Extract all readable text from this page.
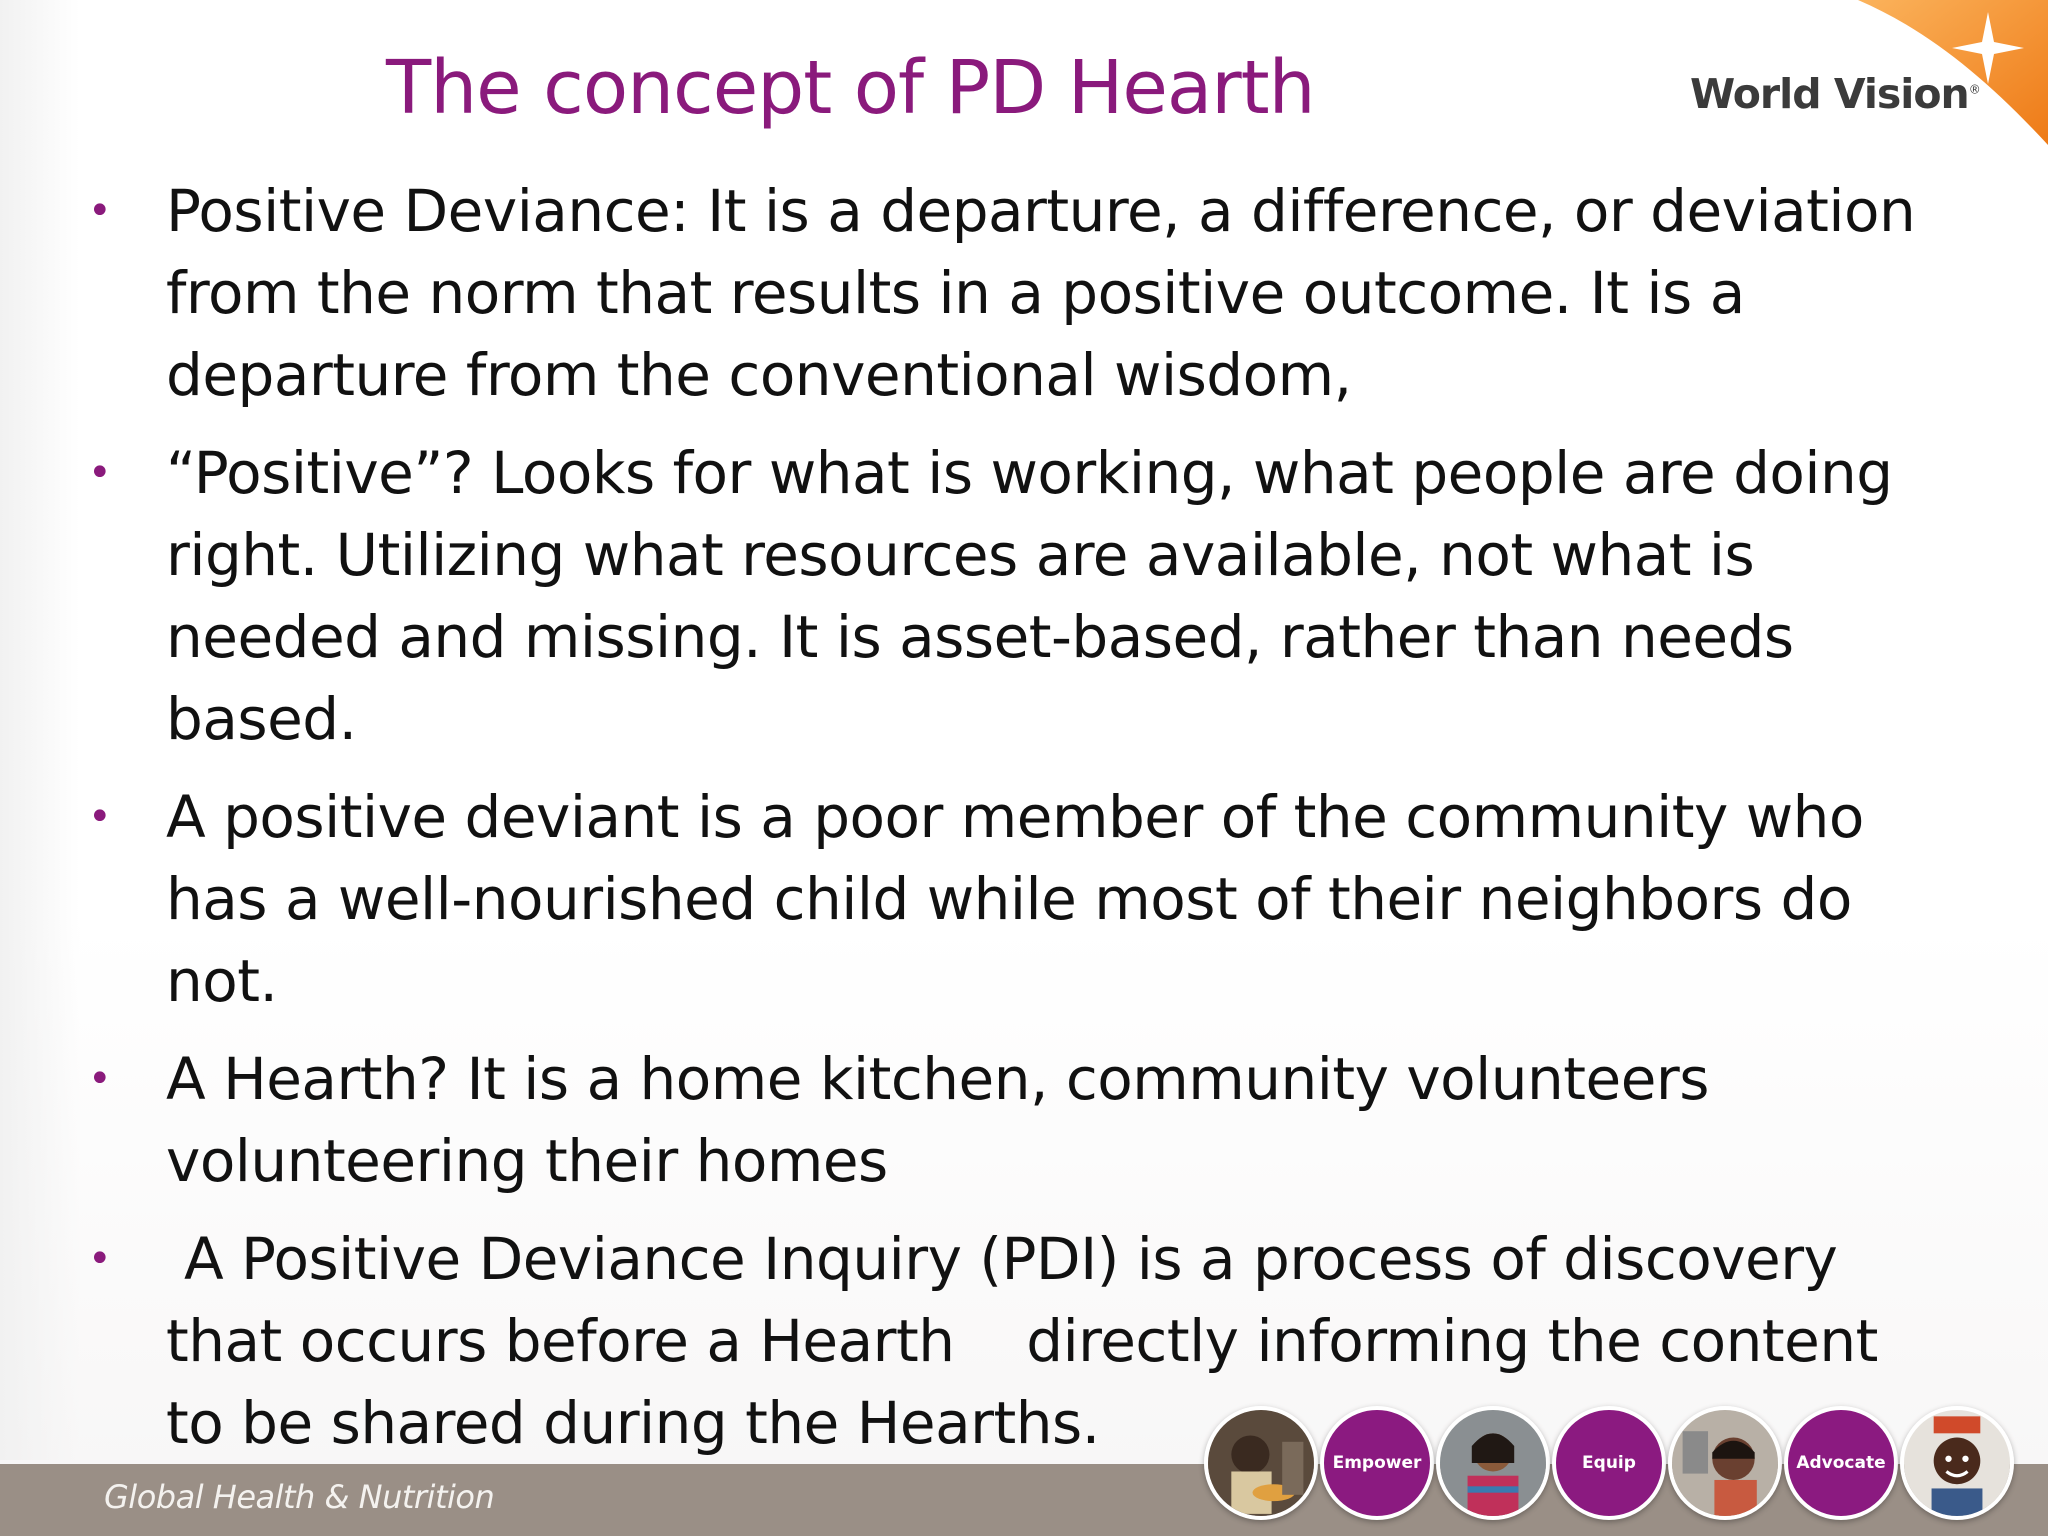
The concept of PD Hearth	World Vision®
• Positive Deviance: It is a departure, a difference, or deviation from the norm that results in a positive outcome. It is a departure from the conventional wisdom,
• “Positive”? Looks for what is working, what people are doing right. Utilizing what resources are available, not what is needed and missing. It is asset-based, rather than needs based.
• A positive deviant is a poor member of the community who has a well-nourished child while most of their neighbors do not.
• A Hearth? It is a home kitchen, community volunteers volunteering their homes
• A Positive Deviance Inquiry (PDI) is a process of discovery that occurs before a Hearth    directly informing the content to be shared during the Hearths.
Global Health & Nutrition
Empower	Equip	Advocate
